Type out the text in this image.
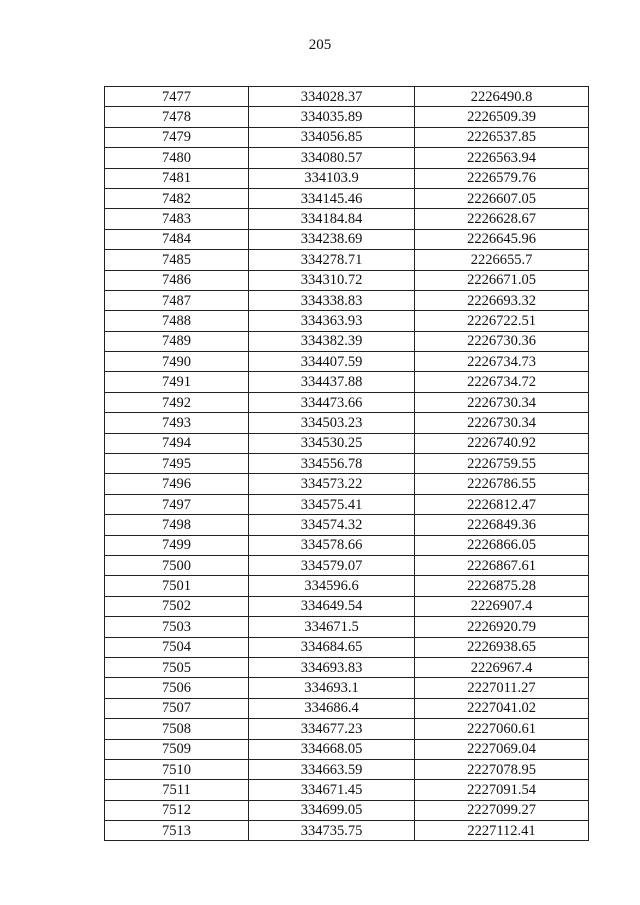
205
7477	334028.37	2226490.8
7478	334035.89	2226509.39
7479	334056.85	2226537.85
7480	334080.57	2226563.94
7481	334103.9	2226579.76
7482	334145.46	2226607.05
7483	334184.84	2226628.67
7484	334238.69	2226645.96
7485	334278.71	2226655.7
7486	334310.72	2226671.05
7487	334338.83	2226693.32
7488	334363.93	2226722.51
7489	334382.39	2226730.36
7490	334407.59	2226734.73
7491	334437.88	2226734.72
7492	334473.66	2226730.34
7493	334503.23	2226730.34
7494	334530.25	2226740.92
7495	334556.78	2226759.55
7496	334573.22	2226786.55
7497	334575.41	2226812.47
7498	334574.32	2226849.36
7499	334578.66	2226866.05
7500	334579.07	2226867.61
7501	334596.6	2226875.28
7502	334649.54	2226907.4
7503	334671.5	2226920.79
7504	334684.65	2226938.65
7505	334693.83	2226967.4
7506	334693.1	2227011.27
7507	334686.4	2227041.02
7508	334677.23	2227060.61
7509	334668.05	2227069.04
7510	334663.59	2227078.95
7511	334671.45	2227091.54
7512	334699.05	2227099.27
7513	334735.75	2227112.41
